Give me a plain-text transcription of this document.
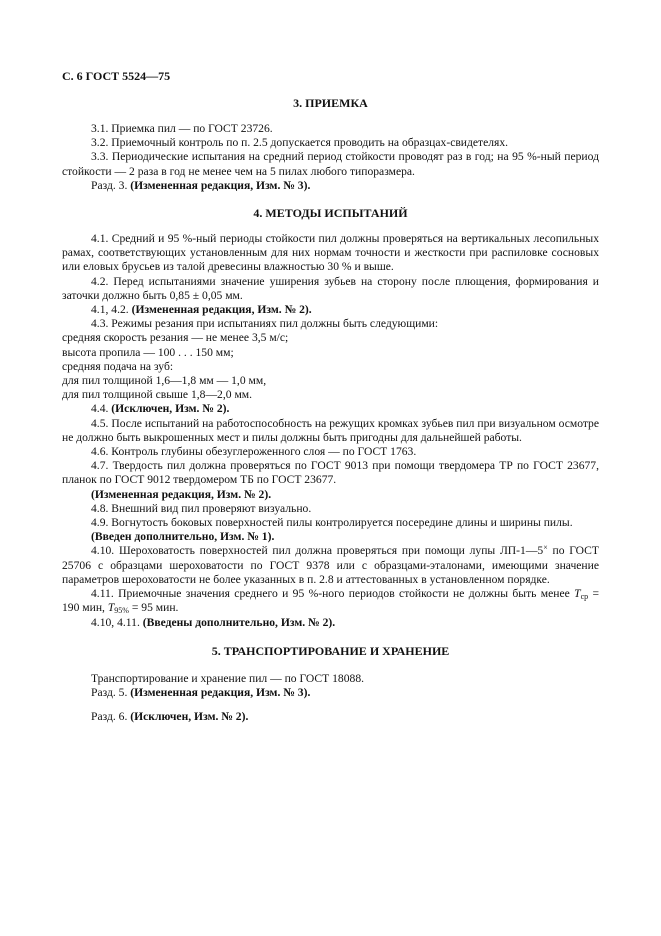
С. 6 ГОСТ 5524—75
3. ПРИЕМКА

3.1. Приемка пил — по ГОСТ 23726.

3.2. Приемочный контроль по п. 2.5 допускается проводить на образцах-свидетелях.

3.3. Периодические испытания на средний период стойкости проводят раз в год; на 95 %-ный период стойкости — 2 раза в год не менее чем на 5 пилах любого типоразмера.

Разд. 3. (Измененная редакция, Изм. № 3).

4. МЕТОДЫ ИСПЫТАНИЙ

4.1. Средний и 95 %-ный периоды стойкости пил должны проверяться на вертикальных лесопильных рамах, соответствующих установленным для них нормам точности и жесткости при распиловке сосновых или еловых брусьев из талой древесины влажностью 30 % и выше.

4.2. Перед испытаниями значение уширения зубьев на сторону после плющения, формирования и заточки должно быть 0,85 ± 0,05 мм.

4.1, 4.2. (Измененная редакция, Изм. № 2).

4.3. Режимы резания при испытаниях пил должны быть следующими:

средняя скорость резания — не менее 3,5 м/с;

высота пропила — 100 . . . 150 мм;

средняя подача на зуб:

для пил толщиной 1,6—1,8 мм — 1,0 мм,

для пил толщиной свыше 1,8—2,0 мм.

4.4. (Исключен, Изм. № 2).

4.5. После испытаний на работоспособность на режущих кромках зубьев пил при визуальном осмотре не должно быть выкрошенных мест и пилы должны быть пригодны для дальнейшей работы.

4.6. Контроль глубины обезуглероженного слоя — по ГОСТ 1763.

4.7. Твердость пил должна проверяться по ГОСТ 9013 при помощи твердомера ТР по ГОСТ 23677, планок по ГОСТ 9012 твердомером ТБ по ГОСТ 23677.

(Измененная редакция, Изм. № 2).

4.8. Внешний вид пил проверяют визуально.

4.9. Вогнутость боковых поверхностей пилы контролируется посередине длины и ширины пилы.

(Введен дополнительно, Изм. № 1).

4.10. Шероховатость поверхностей пил должна проверяться при помощи лупы ЛП-1—5× по ГОСТ 25706 с образцами шероховатости по ГОСТ 9378 или с образцами-эталонами, имеющими значение параметров шероховатости не более указанных в п. 2.8 и аттестованных в установленном порядке.

4.11. Приемочные значения среднего и 95 %-ного периодов стойкости не должны быть менее $T_{ср} = 190$ мин, $T_{95\%} = 95$ мин.

4.10, 4.11. (Введены дополнительно, Изм. № 2).

5. ТРАНСПОРТИРОВАНИЕ И ХРАНЕНИЕ

Транспортирование и хранение пил — по ГОСТ 18088.

Разд. 5. (Измененная редакция, Изм. № 3).

Разд. 6. (Исключен, Изм. № 2).
